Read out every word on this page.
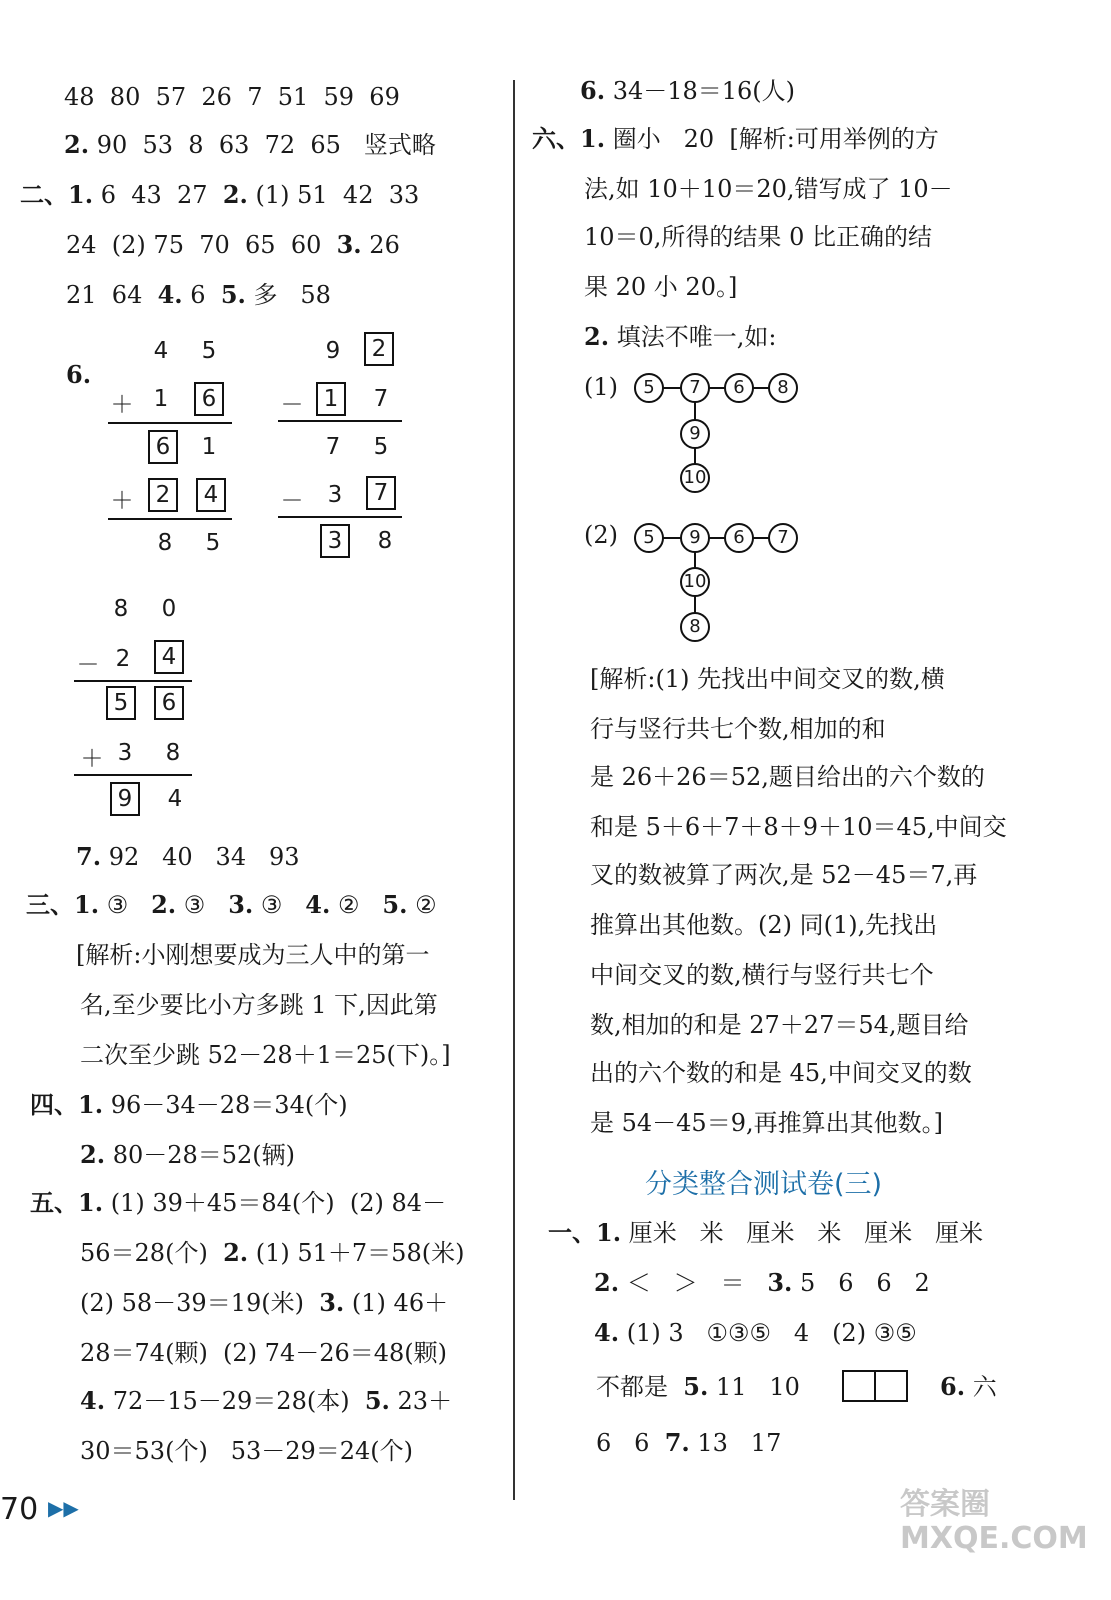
48  80  57  26  7  51  59  69
2. 90  53  8  63  72  65   竖式略
二、1. 6  43  27  2. (1) 51  42  33
24  (2) 75  70  65  60  3. 26
21  64  4. 6  5. 多   58
6.
4 5
＋ 1	6
6	1
＋ 2	4
8 5
9	2
－ 1	7
7 5
－ 3	7
3	8
8 0
－ 2	4
5	6
＋ 3 8
9	4
7. 92   40   34   93
三、1. ③   2. ③   3. ③   4. ②   5. ②
[解析:小刚想要成为三人中的第一
名,至少要比小方多跳 1 下,因此第
二次至少跳 52－28＋1＝25(下)。]
四、1. 96－34－28＝34(个)
2. 80－28＝52(辆)
五、1. (1) 39＋45＝84(个)  (2) 84－
56＝28(个)  2. (1) 51＋7＝58(米)
(2) 58－39＝19(米)  3. (1) 46＋
28＝74(颗)  (2) 74－26＝48(颗)
4. 72－15－29＝28(本)  5. 23＋
30＝53(个)   53－29＝24(个)
6. 34－18＝16(人)
六、1. 圈小   20  [解析:可用举例的方
法,如 10＋10＝20,错写成了 10－
10＝0,所得的结果 0 比正确的结
果 20 小 20。]
2. 填法不唯一,如:
(1)	5	7	6	8
9
10
(2)	5	9	6	7
10
8
[解析:(1) 先找出中间交叉的数,横
行与竖行共七个数,相加的和
是 26＋26＝52,题目给出的六个数的
和是 5＋6＋7＋8＋9＋10＝45,中间交
叉的数被算了两次,是 52－45＝7,再
推算出其他数。(2) 同(1),先找出
中间交叉的数,横行与竖行共七个
数,相加的和是 27＋27＝54,题目给
出的六个数的和是 45,中间交叉的数
是 54－45＝9,再推算出其他数。]
分类整合测试卷(三)
一、1. 厘米   米   厘米   米   厘米   厘米
2. ＜   ＞   ＝   3. 5   6   6   2
4. (1) 3   ①③⑤   4   (2) ③⑤
不都是  5. 11   10	6. 六
6   6  7. 13   17
70 ▶▶	答案圈
MXQE.COM
